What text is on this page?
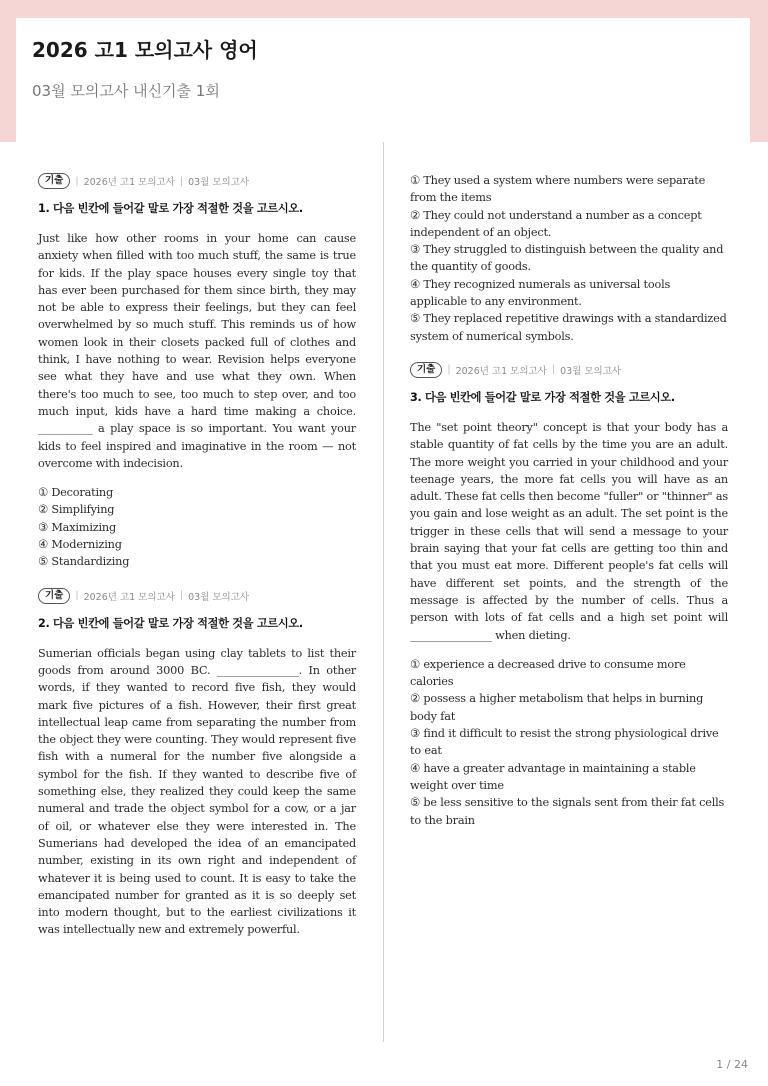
2026 고1 모의고사 영어
03월 모의고사 내신기출 1회
기출	| 2026년 고1 모의고사 | 03월 모의고사
1. 다음 빈칸에 들어갈 말로 가장 적절한 것을 고르시오.

Just like how other rooms in your home can cause anxiety when filled with too much stuff, the same is true for kids. If the play space houses every single toy that has ever been purchased for them since birth, they may not be able to express their feelings, but they can feel overwhelmed by so much stuff. This reminds us of how women look in their closets packed full of clothes and think, I have nothing to wear. Revision helps everyone see what they have and use what they own. When there's too much to see, too much to step over, and too much input, kids have a hard time making a choice. __________ a play space is so important. You want your kids to feel inspired and imaginative in the room — not overcome with indecision.

① Decorating
② Simplifying
③ Maximizing
④ Modernizing
⑤ Standardizing
기출	| 2026년 고1 모의고사 | 03월 모의고사
2. 다음 빈칸에 들어갈 말로 가장 적절한 것을 고르시오.

Sumerian officials began using clay tablets to list their goods from around 3000 BC. _______________. In other words, if they wanted to record five fish, they would mark five pictures of a fish. However, their first great intellectual leap came from separating the number from the object they were counting. They would represent five fish with a numeral for the number five alongside a symbol for the fish. If they wanted to describe five of something else, they realized they could keep the same numeral and trade the object symbol for a cow, or a jar of oil, or whatever else they were interested in. The Sumerians had developed the idea of an emancipated number, existing in its own right and independent of whatever it is being used to count. It is easy to take the emancipated number for granted as it is so deeply set into modern thought, but to the earliest civilizations it was intellectually new and extremely powerful.

① They used a system where numbers were separate from the items
② They could not understand a number as a concept independent of an object.
③ They struggled to distinguish between the quality and the quantity of goods.
④ They recognized numerals as universal tools applicable to any environment.
⑤ They replaced repetitive drawings with a standardized system of numerical symbols.
기출	| 2026년 고1 모의고사 | 03월 모의고사
3. 다음 빈칸에 들어갈 말로 가장 적절한 것을 고르시오.

The "set point theory" concept is that your body has a stable quantity of fat cells by the time you are an adult. The more weight you carried in your childhood and your teenage years, the more fat cells you will have as an adult. These fat cells then become "fuller" or "thinner" as you gain and lose weight as an adult. The set point is the trigger in these cells that will send a message to your brain saying that your fat cells are getting too thin and that you must eat more. Different people's fat cells will have different set points, and the strength of the message is affected by the number of cells. Thus a person with lots of fat cells and a high set point will _______________ when dieting.

① experience a decreased drive to consume more calories
② possess a higher metabolism that helps in burning body fat
③ find it difficult to resist the strong physiological drive to eat
④ have a greater advantage in maintaining a stable weight over time
⑤ be less sensitive to the signals sent from their fat cells to the brain
1 / 24
